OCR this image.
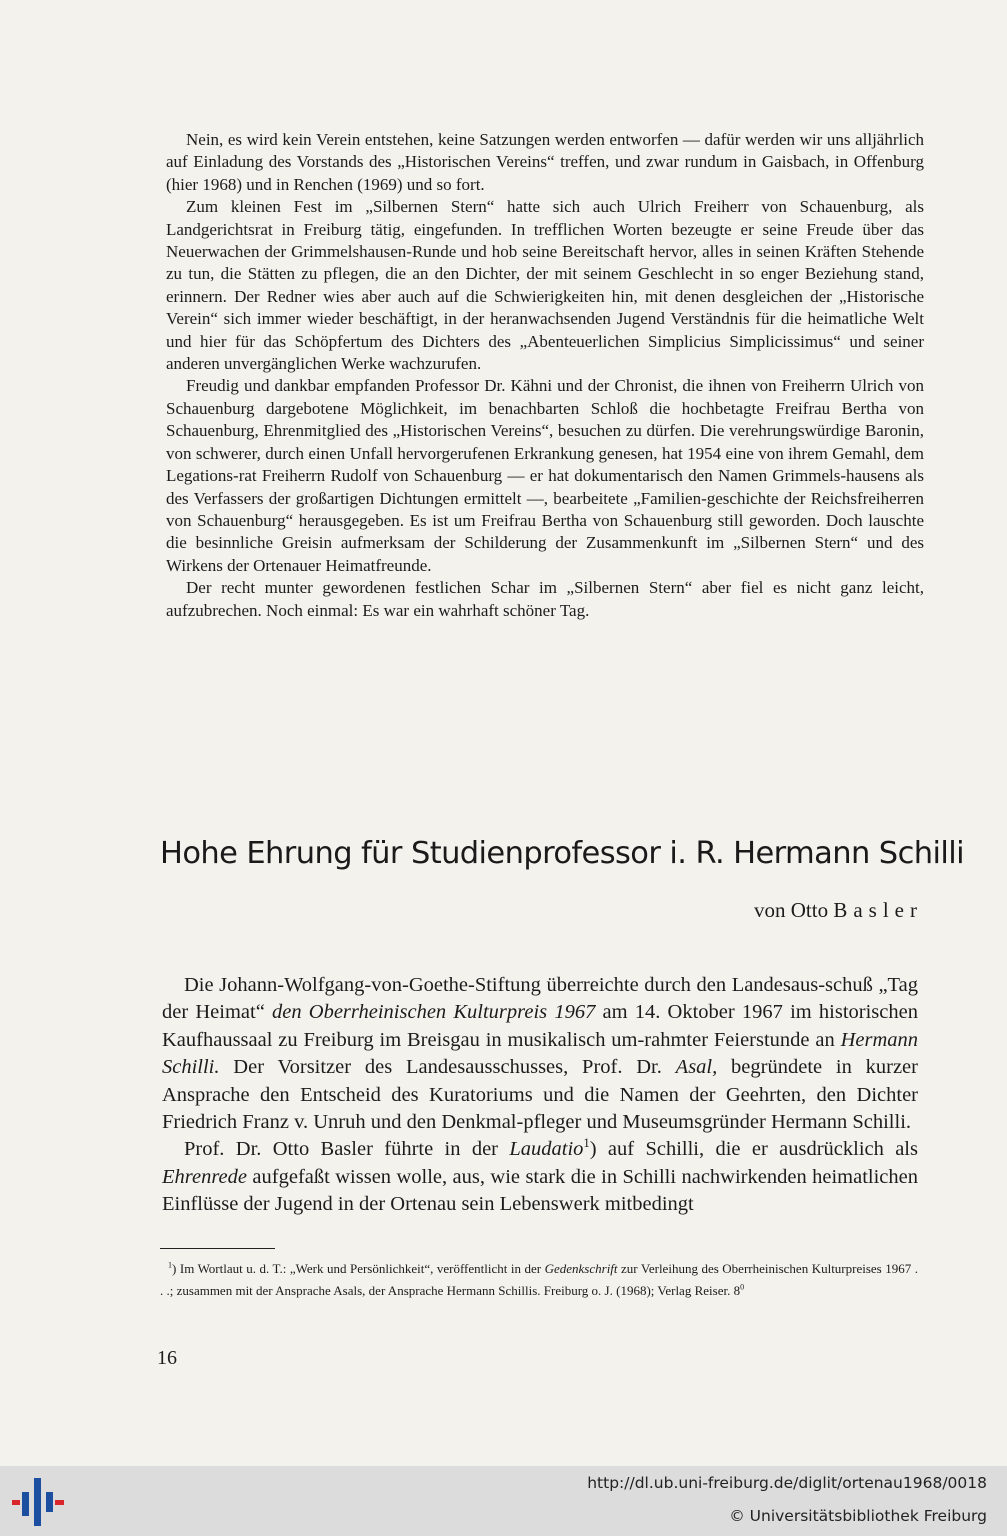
Nein, es wird kein Verein entstehen, keine Satzungen werden entworfen — dafür werden wir uns alljährlich auf Einladung des Vorstands des „Historischen Vereins“ treffen, und zwar rundum in Gaisbach, in Offenburg (hier 1968) und in Renchen (1969) und so fort.

Zum kleinen Fest im „Silbernen Stern“ hatte sich auch Ulrich Freiherr von Schauenburg, als Landgerichtsrat in Freiburg tätig, eingefunden. In trefflichen Worten bezeugte er seine Freude über das Neuerwachen der Grimmelshausen-Runde und hob seine Bereitschaft hervor, alles in seinen Kräften Stehende zu tun, die Stätten zu pflegen, die an den Dichter, der mit seinem Geschlecht in so enger Beziehung stand, erinnern. Der Redner wies aber auch auf die Schwierigkeiten hin, mit denen desgleichen der „Historische Verein“ sich immer wieder beschäftigt, in der heranwachsenden Jugend Verständnis für die heimatliche Welt und hier für das Schöpfertum des Dichters des „Abenteuerlichen Simplicius Simplicissimus“ und seiner anderen unvergänglichen Werke wachzurufen.

Freudig und dankbar empfanden Professor Dr. Kähni und der Chronist, die ihnen von Freiherrn Ulrich von Schauenburg dargebotene Möglichkeit, im benachbarten Schloß die hochbetagte Freifrau Bertha von Schauenburg, Ehrenmitglied des „Historischen Vereins“, besuchen zu dürfen. Die verehrungswürdige Baronin, von schwerer, durch einen Unfall hervorgerufenen Erkrankung genesen, hat 1954 eine von ihrem Gemahl, dem Legations-rat Freiherrn Rudolf von Schauenburg — er hat dokumentarisch den Namen Grimmels-hausens als des Verfassers der großartigen Dichtungen ermittelt —, bearbeitete „Familien-geschichte der Reichsfreiherren von Schauenburg“ herausgegeben. Es ist um Freifrau Bertha von Schauenburg still geworden. Doch lauschte die besinnliche Greisin aufmerksam der Schilderung der Zusammenkunft im „Silbernen Stern“ und des Wirkens der Ortenauer Heimatfreunde.

Der recht munter gewordenen festlichen Schar im „Silbernen Stern“ aber fiel es nicht ganz leicht, aufzubrechen. Noch einmal: Es war ein wahrhaft schöner Tag.

Hohe Ehrung für Studienprofessor i. R. Hermann Schilli

von Otto Basler

Die Johann-Wolfgang-von-Goethe-Stiftung überreichte durch den Landesaus-schuß „Tag der Heimat“ den Oberrheinischen Kulturpreis 1967 am 14. Oktober 1967 im historischen Kaufhaussaal zu Freiburg im Breisgau in musikalisch um-rahmter Feierstunde an Hermann Schilli. Der Vorsitzer des Landesausschusses, Prof. Dr. Asal, begründete in kurzer Ansprache den Entscheid des Kuratoriums und die Namen der Geehrten, den Dichter Friedrich Franz v. Unruh und den Denkmal-pfleger und Museumsgründer Hermann Schilli.

Prof. Dr. Otto Basler führte in der Laudatio$^1$) auf Schilli, die er ausdrücklich als Ehrenrede aufgefaßt wissen wolle, aus, wie stark die in Schilli nachwirkenden heimatlichen Einflüsse der Jugend in der Ortenau sein Lebenswerk mitbedingt

$^1$) Im Wortlaut u. d. T.: „Werk und Persönlichkeit“, veröffentlicht in der Gedenkschrift zur Verleihung des Oberrheinischen Kulturpreises 1967 . . .; zusammen mit der Ansprache Asals, der Ansprache Hermann Schillis. Freiburg o. J. (1968); Verlag Reiser. $8^0$

16

http://dl.ub.uni-freiburg.de/diglit/ortenau1968/0018

© Universitätsbibliothek Freiburg
